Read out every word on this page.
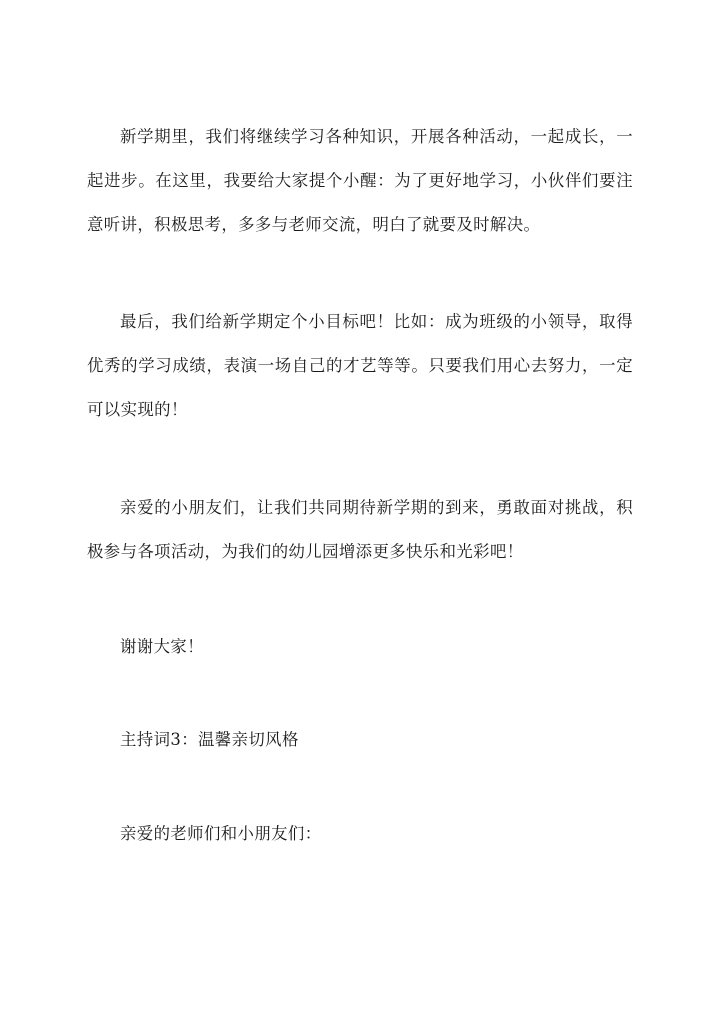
新学期里，我们将继续学习各种知识，开展各种活动，一起成长，一起进步。在这里，我要给大家提个小醒：为了更好地学习，小伙伴们要注意听讲，积极思考，多多与老师交流，明白了就要及时解决。

最后，我们给新学期定个小目标吧！比如：成为班级的小领导，取得优秀的学习成绩，表演一场自己的才艺等等。只要我们用心去努力，一定可以实现的！

亲爱的小朋友们，让我们共同期待新学期的到来，勇敢面对挑战，积极参与各项活动，为我们的幼儿园增添更多快乐和光彩吧！

谢谢大家！

主持词3：温馨亲切风格

亲爱的老师们和小朋友们：
